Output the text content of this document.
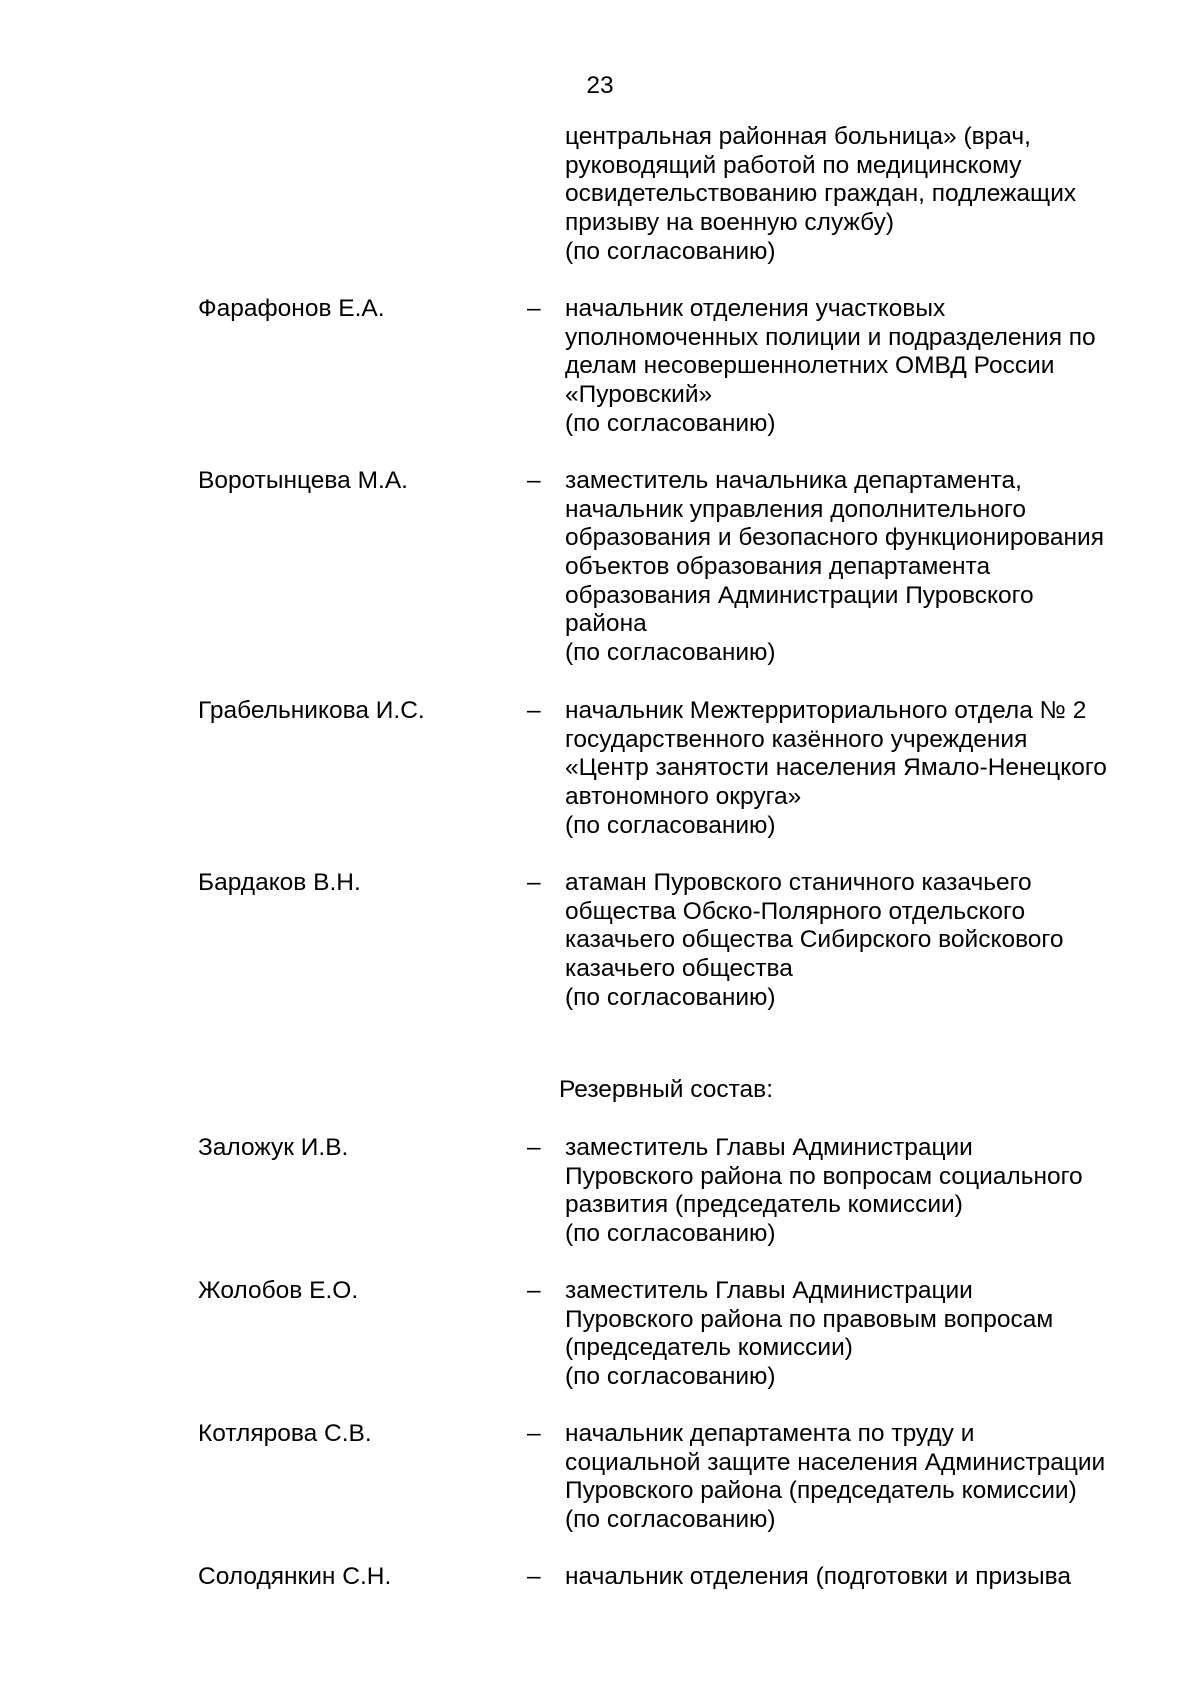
23
центральная районная больница» (врач,
руководящий работой по медицинскому
освидетельствованию граждан, подлежащих
призыву на военную службу)
(по согласованию)
Фарафонов Е.А.	– начальник отделения участковых
уполномоченных полиции и подразделения по
делам несовершеннолетних ОМВД России
«Пуровский»
(по согласованию)
Воротынцева М.А.	– заместитель начальника департамента,
начальник управления дополнительного
образования и безопасного функционирования
объектов образования департамента
образования Администрации Пуровского
района
(по согласованию)
Грабельникова И.С.	– начальник Межтерриториального отдела № 2
государственного казённого учреждения
«Центр занятости населения Ямало-Ненецкого
автономного округа»
(по согласованию)
Бардаков В.Н.	– атаман Пуровского станичного казачьего
общества Обско-Полярного отдельского
казачьего общества Сибирского войскового
казачьего общества
(по согласованию)
Резервный состав:
Заложук И.В.	– заместитель Главы Администрации
Пуровского района по вопросам социального
развития (председатель комиссии)
(по согласованию)
Жолобов Е.О.	– заместитель Главы Администрации
Пуровского района по правовым вопросам
(председатель комиссии)
(по согласованию)
Котлярова С.В.	– начальник департамента по труду и
социальной защите населения Администрации
Пуровского района (председатель комиссии)
(по согласованию)
Солодянкин С.Н.	– начальник отделения (подготовки и призыва
